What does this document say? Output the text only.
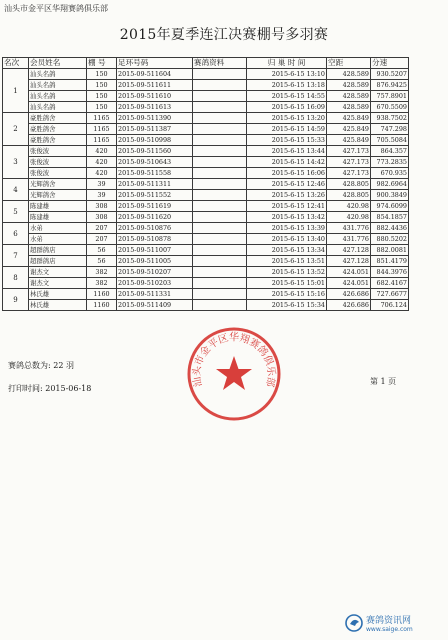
汕头市金平区华翔赛鸽俱乐部
2015年夏季连江决赛棚号多羽赛
名次	会员姓名	棚 号	足环号码	赛鸽资料	归 巢 时 间	空距	分速
1	汕头名鸽	150	2015-09-511604		2015-6-15 13:10	428.589	930.5207
	汕头名鸽	150	2015-09-511611		2015-6-15 13:18	428.589	876.9425
	汕头名鸽	150	2015-09-511610		2015-6-15 14:55	428.589	757.8901
	汕头名鸽	150	2015-09-511613		2015-6-15 16:09	428.589	670.5509
2	豪胜鸽舍	1165	2015-09-511390		2015-6-15 13:20	425.849	938.7502
	豪胜鸽舍	1165	2015-09-511387		2015-6-15 14:59	425.849	747.298
	豪胜鸽舍	1165	2015-09-510998		2015-6-15 15:33	425.849	705.5084
3	张俊波	420	2015-09-511560		2015-6-15 13:44	427.173	864.357
	张俊波	420	2015-09-510643		2015-6-15 14:42	427.173	773.2835
	张俊波	420	2015-09-511558		2015-6-15 16:06	427.173	670.935
4	光辉鸽舍	39	2015-09-511311		2015-6-15 12:46	428.805	982.6964
	光辉鸽舍	39	2015-09-511552		2015-6-15 13:26	428.805	900.3849
5	陈建雄	308	2015-09-511619		2015-6-15 12:41	420.98	974.6099
	陈建雄	308	2015-09-511620		2015-6-15 13:42	420.98	854.1857
6	水弟	207	2015-09-510876		2015-6-15 13:39	431.776	882.4436
	水弟	207	2015-09-510878		2015-6-15 13:40	431.776	880.5202
7	超群鸽店	56	2015-09-511007		2015-6-15 13:34	427.128	882.0081
	超群鸽店	56	2015-09-511005		2015-6-15 13:51	427.128	851.4179
8	谢杰文	382	2015-09-510207		2015-6-15 13:52	424.051	844.3976
	谢杰文	382	2015-09-510203		2015-6-15 15:01	424.051	682.4167
9	林氏雄	1160	2015-09-511331		2015-6-15 15:16	426.686	727.6677
	林氏雄	1160	2015-09-511409		2015-6-15 15:34	426.686	706.124
赛鸽总数为: 22 羽
打印时间: 2015-06-18
第 1 页
汕头市金平区华翔赛鸽俱乐部
赛鸽资讯网
www.saige.com
